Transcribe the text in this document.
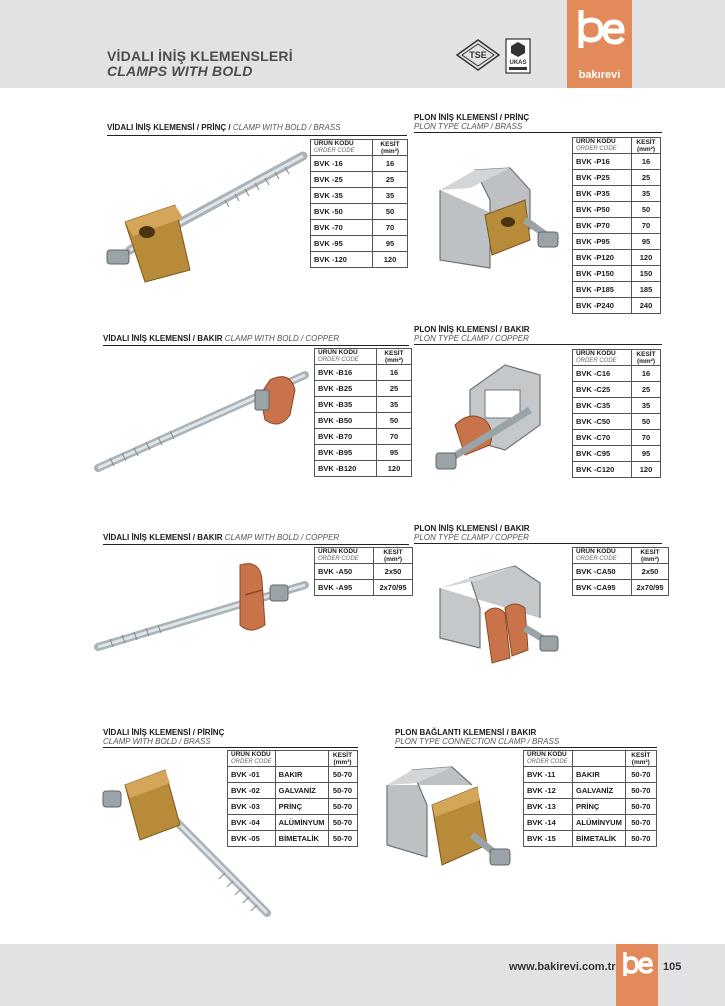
VİDALI İNİŞ KLEMENSLERİ
CLAMPS WITH BOLD
TSE
UKAS
bakırevi
VİDALI İNİŞ KLEMENSİ / PRİNÇ / CLAMP WITH BOLD / BRASS
ÜRÜN KODU
ORDER CODE	KESİT
(mm²)
BVK -16	16
BVK -25	25
BVK -35	35
BVK -50	50
BVK -70	70
BVK -95	95
BVK -120	120
PLON İNİŞ KLEMENSİ / PRİNÇ
PLON TYPE CLAMP / BRASS
ÜRÜN KODU
ORDER CODE	KESİT
(mm²)
BVK -P16	16
BVK -P25	25
BVK -P35	35
BVK -P50	50
BVK -P70	70
BVK -P95	95
BVK -P120	120
BVK -P150	150
BVK -P185	185
BVK -P240	240
VİDALI İNİŞ KLEMENSİ / BAKIR CLAMP WITH BOLD / COPPER
ÜRÜN KODU
ORDER CODE	KESİT
(mm²)
BVK -B16	16
BVK -B25	25
BVK -B35	35
BVK -B50	50
BVK -B70	70
BVK -B95	95
BVK -B120	120
PLON İNİŞ KLEMENSİ / BAKIR
PLON TYPE CLAMP / COPPER
ÜRÜN KODU
ORDER CODE	KESİT
(mm²)
BVK -C16	16
BVK -C25	25
BVK -C35	35
BVK -C50	50
BVK -C70	70
BVK -C95	95
BVK -C120	120
VİDALI İNİŞ KLEMENSİ / BAKIR CLAMP WITH BOLD / COPPER
ÜRÜN KODU
ORDER CODE	KESİT
(mm²)
BVK -A50	2x50
BVK -A95	2x70/95
PLON İNİŞ KLEMENSİ / BAKIR
PLON TYPE CLAMP / COPPER
ÜRÜN KODU
ORDER CODE	KESİT
(mm²)
BVK -CA50	2x50
BVK -CA95	2x70/95
VİDALI İNİŞ KLEMENSİ / PİRİNÇ
CLAMP WITH BOLD / BRASS
ÜRÜN KODU
ORDER CODE		KESİT
(mm²)
BVK -01	BAKIR	50-70
BVK -02	GALVANİZ	50-70
BVK -03	PRİNÇ	50-70
BVK -04	ALÜMİNYUM	50-70
BVK -05	BİMETALİK	50-70
PLON BAĞLANTI KLEMENSİ / BAKIR
PLON TYPE CONNECTION CLAMP / BRASS
ÜRÜN KODU
ORDER CODE		KESİT
(mm²)
BVK -11	BAKIR	50-70
BVK -12	GALVANİZ	50-70
BVK -13	PRİNÇ	50-70
BVK -14	ALÜMİNYUM	50-70
BVK -15	BİMETALİK	50-70
www.bakirevi.com.tr	105
